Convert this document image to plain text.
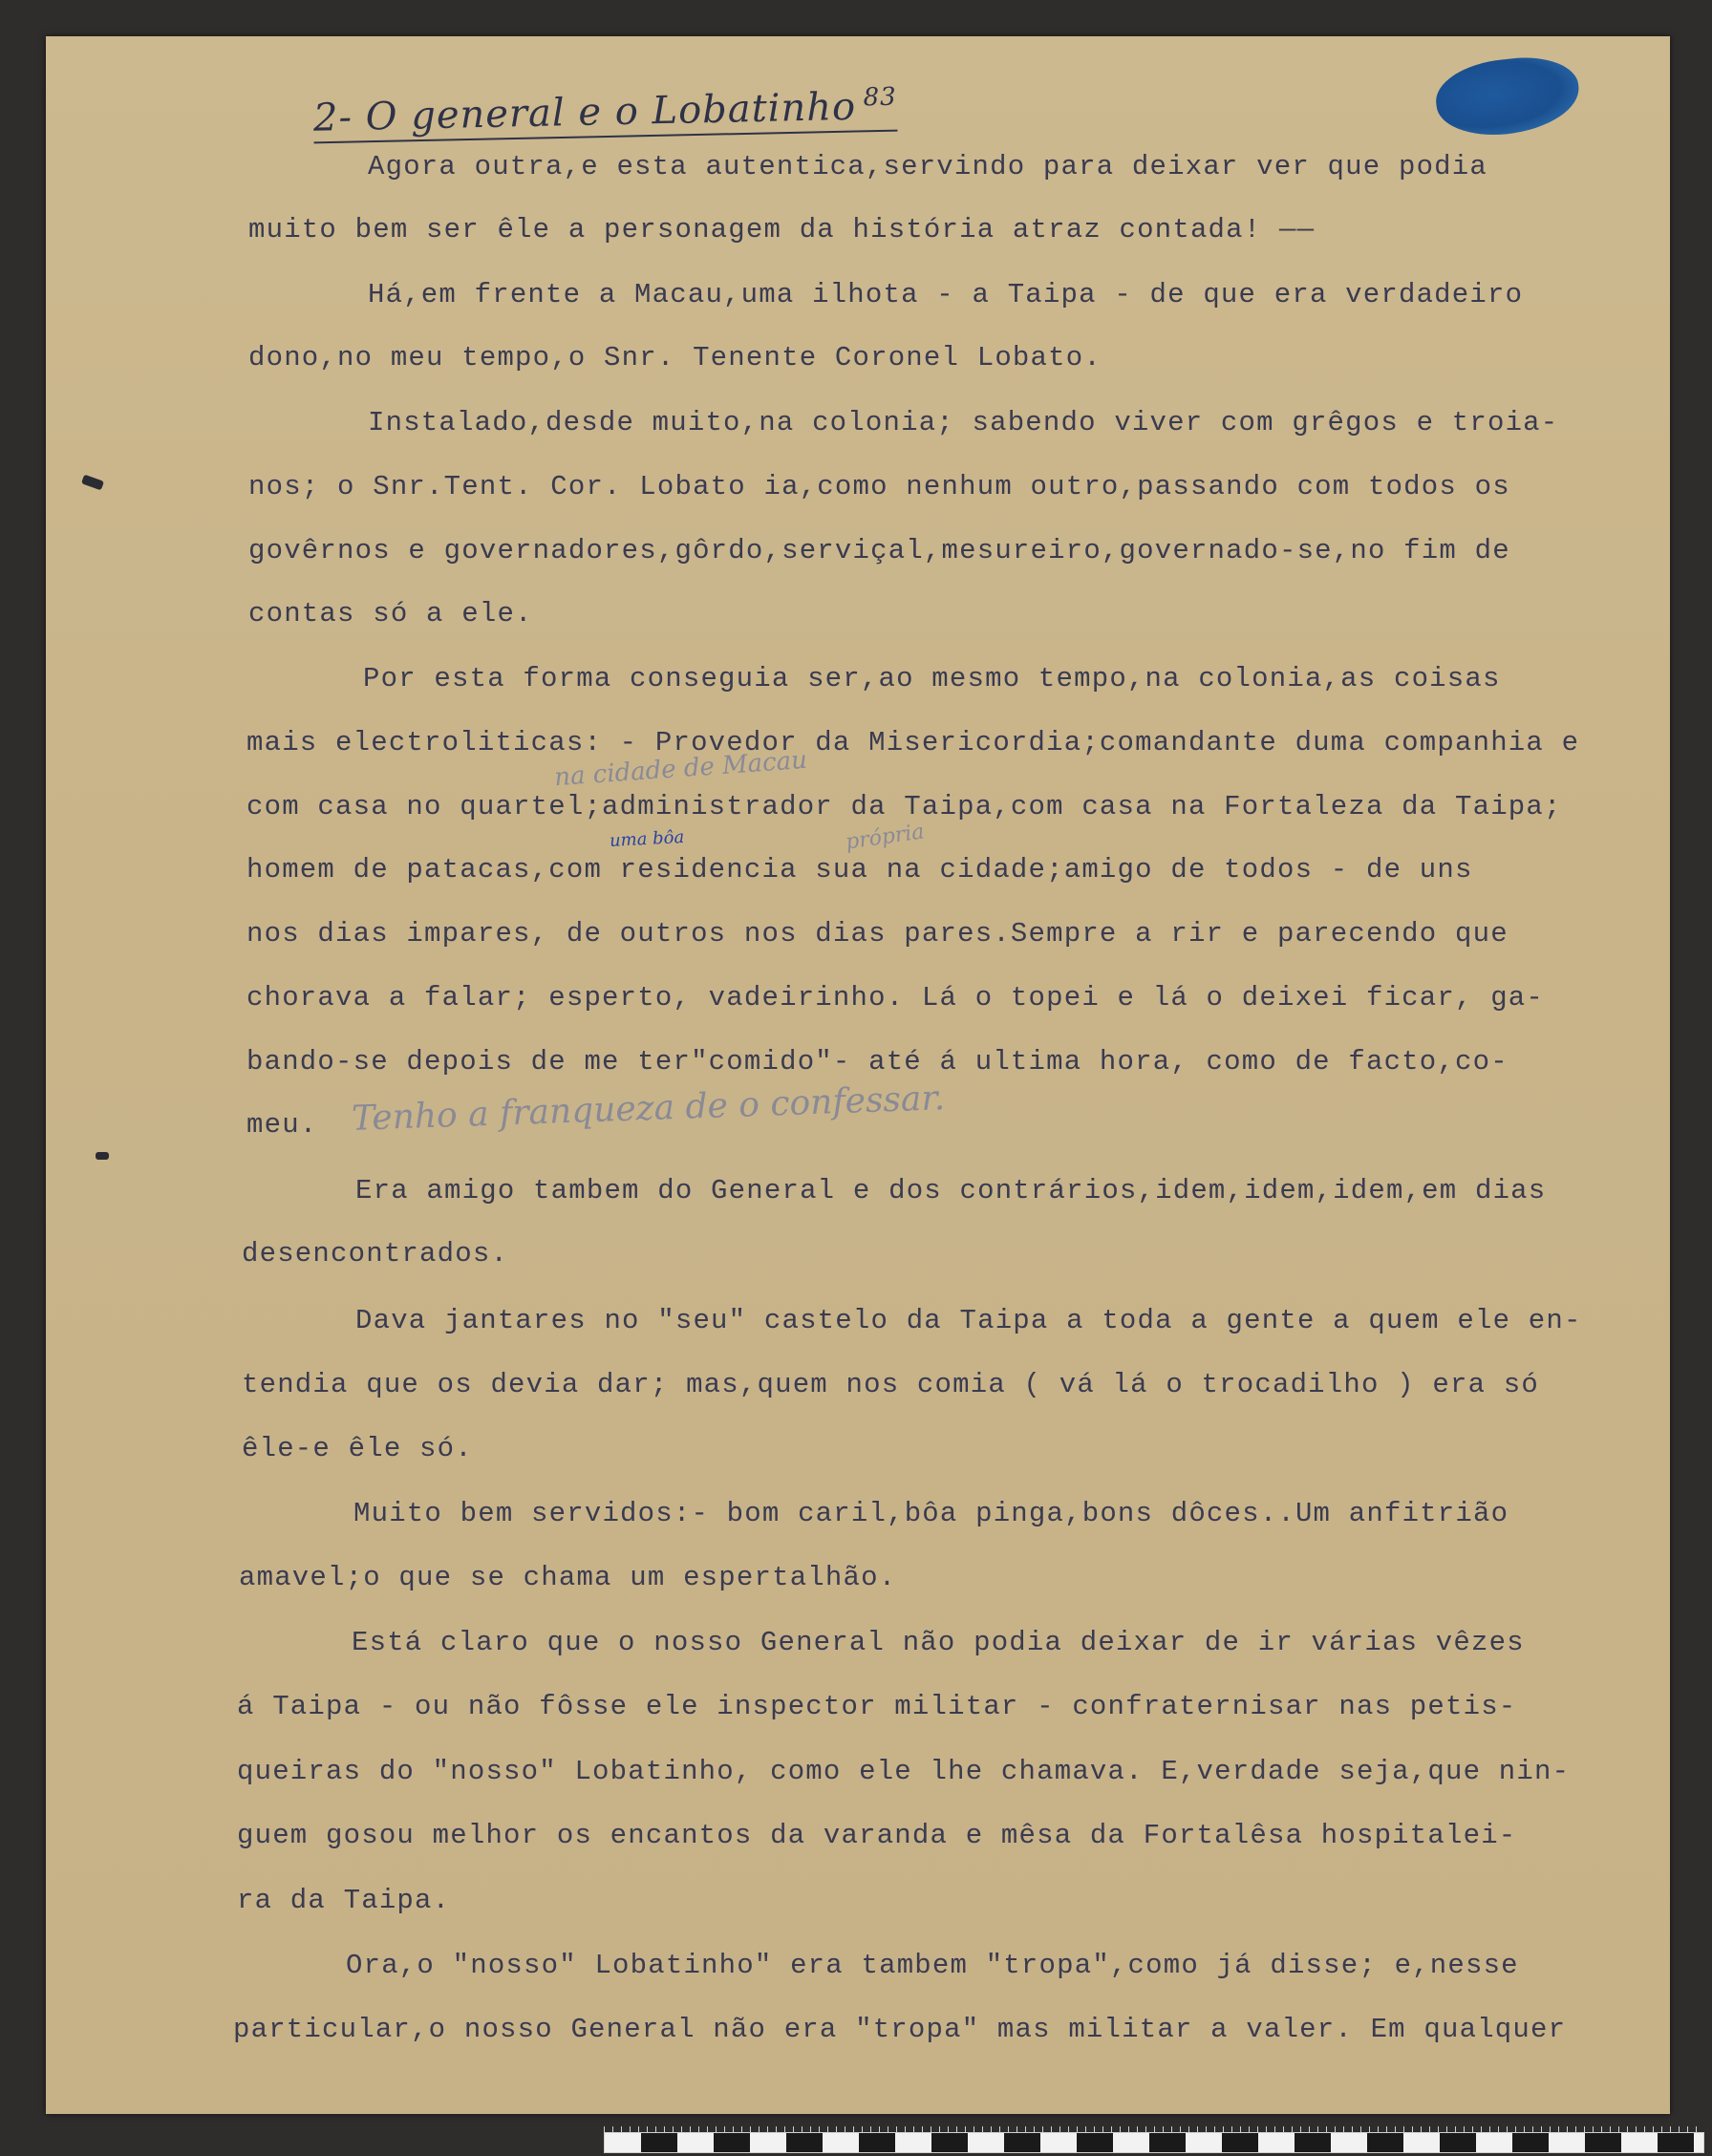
2- O general e o Lobatinho $^{83}$
Agora outra,e esta autentica,servindo para deixar ver que podia
muito bem ser êle a personagem da história atraz contada! ——
Há,em frente a Macau,uma ilhota - a Taipa - de que era verdadeiro
dono,no meu tempo,o Snr. Tenente Coronel Lobato.
Instalado,desde muito,na colonia; sabendo viver com grêgos e troia-
nos; o Snr.Tent. Cor. Lobato ia,como nenhum outro,passando com todos os
govêrnos e governadores,gôrdo,serviçal,mesureiro,governado-se,no fim de
contas só a ele.
Por esta forma conseguia ser,ao mesmo tempo,na colonia,as coisas
mais electroliticas: - Provedor da Misericordia;comandante duma companhia e
com casa no quartel;administrador da Taipa,com casa na Fortaleza da Taipa;
homem de patacas,com residencia sua na cidade;amigo de todos - de uns
nos dias impares, de outros nos dias pares.Sempre a rir e parecendo que
chorava a falar; esperto, vadeirinho. Lá o topei e lá o deixei ficar, ga-
bando-se depois de me ter"comido"- até á ultima hora, como de facto,co-
meu.
Era amigo tambem do General e dos contrários,idem,idem,idem,em dias
desencontrados.
Dava jantares no "seu" castelo da Taipa a toda a gente a quem ele en-
tendia que os devia dar; mas,quem nos comia ( vá lá o trocadilho ) era só
êle-e êle só.
Muito bem servidos:- bom caril,bôa pinga,bons dôces..Um anfitrião
amavel;o que se chama um espertalhão.
Está claro que o nosso General não podia deixar de ir várias vêzes
á Taipa - ou não fôsse ele inspector militar - confraternisar nas petis-
queiras do "nosso" Lobatinho, como ele lhe chamava. E,verdade seja,que nin-
guem gosou melhor os encantos da varanda e mêsa da Fortalêsa hospitalei-
ra da Taipa.
Ora,o "nosso" Lobatinho" era tambem "tropa",como já disse; e,nesse
particular,o nosso General não era "tropa" mas militar a valer. Em qualquer
na cidade de Macau
uma bôa	própria
Tenho a franqueza de o confessar.
